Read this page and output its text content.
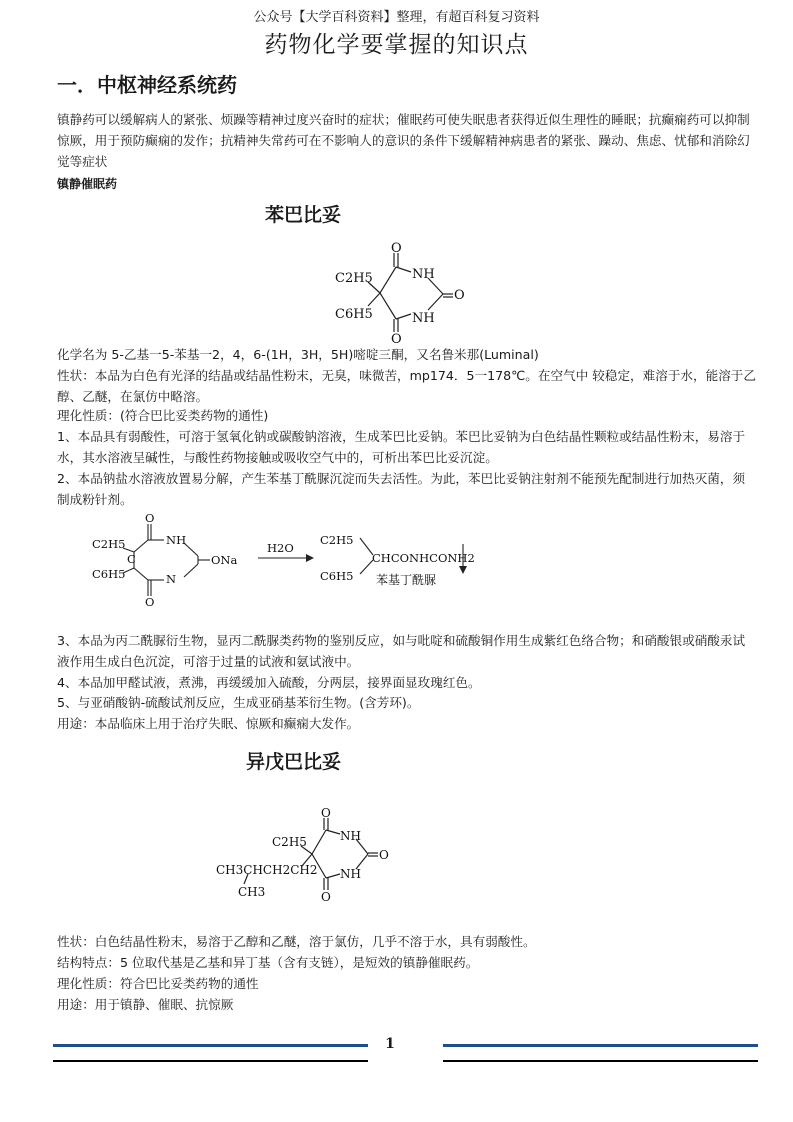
公众号【大学百科资料】整理，有超百科复习资料
药物化学要掌握的知识点
一．中枢神经系统药
镇静药可以缓解病人的紧张、烦躁等精神过度兴奋时的症状；催眠药可使失眠患者获得近似生理性的睡眠；抗癫痫药可以抑制惊厥，用于预防癫痫的发作；抗精神失常药可在不影响人的意识的条件下缓解精神病患者的紧张、躁动、焦虑、忧郁和消除幻觉等症状
镇静催眠药
苯巴比妥
O
NH
O
NH
O
C2H5
C6H5
化学名为 5-乙基一5-苯基一2，4，6-(1H，3H，5H)嘧啶三酮，又名鲁米那(Luminal)
性状：本品为白色有光泽的结晶或结晶性粉末，无臭，味微苦，mp174．5一178℃。在空气中 较稳定，难溶于水，能溶于乙醇、乙醚，在氯仿中略溶。
理化性质：(符合巴比妥类药物的通性)
1、本品具有弱酸性，可溶于氢氧化钠或碳酸钠溶液，生成苯巴比妥钠。苯巴比妥钠为白色结晶性颗粒或结晶性粉末，易溶于水，其水溶液呈碱性，与酸性药物接触或吸收空气中的，可析出苯巴比妥沉淀。
2、本品钠盐水溶液放置易分解，产生苯基丁酰脲沉淀而失去活性。为此，苯巴比妥钠注射剂不能预先配制进行加热灭菌，须制成粉针剂。
O
NH
ONa
N
O
C
C2H5
C6H5
H2O
C2H5
CHCONHCONH2
C6H5 苯基丁酰脲
3、本品为丙二酰脲衍生物，显丙二酰脲类药物的鉴别反应，如与吡啶和硫酸铜作用生成紫红色络合物；和硝酸银或硝酸汞试液作用生成白色沉淀，可溶于过量的试液和氨试液中。
4、本品加甲醛试液，煮沸，再缓缓加入硫酸，分两层，接界面显玫瑰红色。
5、与亚硝酸钠-硫酸试剂反应，生成亚硝基苯衍生物。(含芳环)。
用途：本品临床上用于治疗失眠、惊厥和癫痫大发作。
异戊巴比妥
O
NH
O
NH
O
C2H5
CH3CHCH2CH2
CH3
性状：白色结晶性粉末，易溶于乙醇和乙醚，溶于氯仿，几乎不溶于水，具有弱酸性。
结构特点：5 位取代基是乙基和异丁基（含有支链），是短效的镇静催眠药。
理化性质：符合巴比妥类药物的通性
用途：用于镇静、催眠、抗惊厥
1
